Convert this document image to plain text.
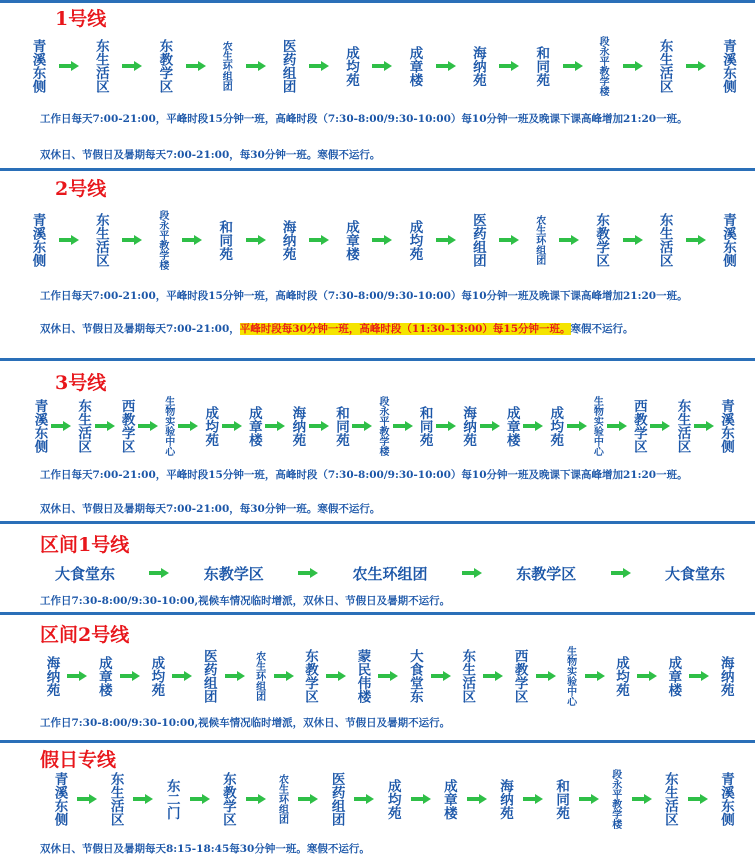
1号线
青溪东侧	东生活区	东教学区	农生环组团	医药组团	成均苑	成章楼	海纳苑	和同苑	段永平教学楼	东生活区	青溪东侧
工作日每天7:00-21:00，平峰时段15分钟一班，高峰时段（7:30-8:00/9:30-10:00）每10分钟一班及晚课下课高峰增加21:20一班。
双休日、节假日及暑期每天7:00-21:00，每30分钟一班。寒假不运行。
2号线
青溪东侧	东生活区	段永平教学楼	和同苑	海纳苑	成章楼	成均苑	医药组团	农生环组团	东教学区	东生活区	青溪东侧
工作日每天7:00-21:00，平峰时段15分钟一班，高峰时段（7:30-8:00/9:30-10:00）每10分钟一班及晚课下课高峰增加21:20一班。
双休日、节假日及暑期每天7:00-21:00，平峰时段每30分钟一班，高峰时段（11:30-13:00）每15分钟一班。寒假不运行。
3号线
青溪东侧 东生活区 西教学区	生物实验中心 成均苑 成章楼 海纳苑 和同苑	段永平教学楼 和同苑 海纳苑 成章楼 成均苑	生物实验中心 西教学区 东生活区 青溪东侧
工作日每天7:00-21:00，平峰时段15分钟一班，高峰时段（7:30-8:00/9:30-10:00）每10分钟一班及晚课下课高峰增加21:20一班。
双休日、节假日及暑期每天7:00-21:00，每30分钟一班。寒假不运行。
区间1号线
大食堂东	东教学区	农生环组团	东教学区	大食堂东
工作日7:30-8:00/9:30-10:00,视候车情况临时增派，双休日、节假日及暑期不运行。
区间2号线
海纳苑	成章楼	成均苑	医药组团	农生环组团	东教学区	蒙民伟楼	大食堂东	东生活区	西教学区	生物实验中心	成均苑	成章楼	海纳苑
工作日7:30-8:00/9:30-10:00,视候车情况临时增派，双休日、节假日及暑期不运行。
假日专线
青溪东侧	东生活区	东二门	东教学区	农生环组团	医药组团	成均苑	成章楼	海纳苑	和同苑	段永平教学楼	东生活区	青溪东侧
双休日、节假日及暑期每天8:15-18:45每30分钟一班。寒假不运行。
